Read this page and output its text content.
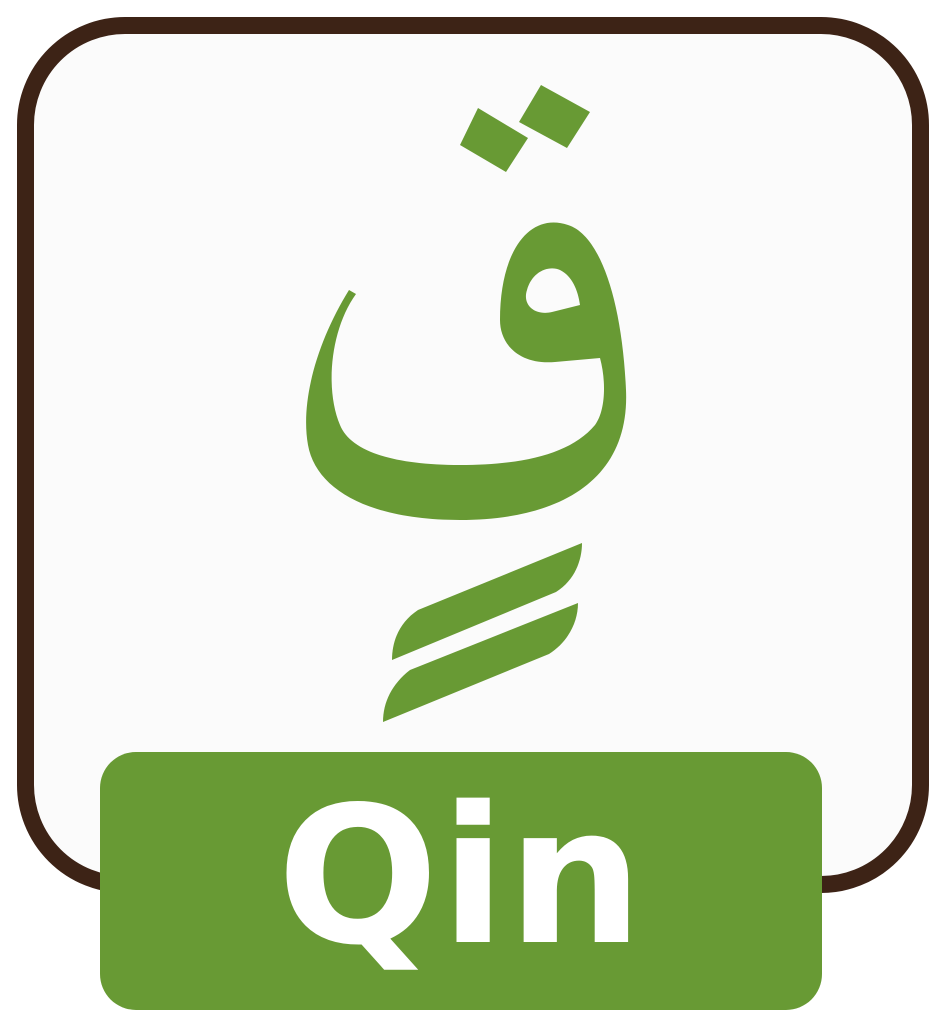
Qin
